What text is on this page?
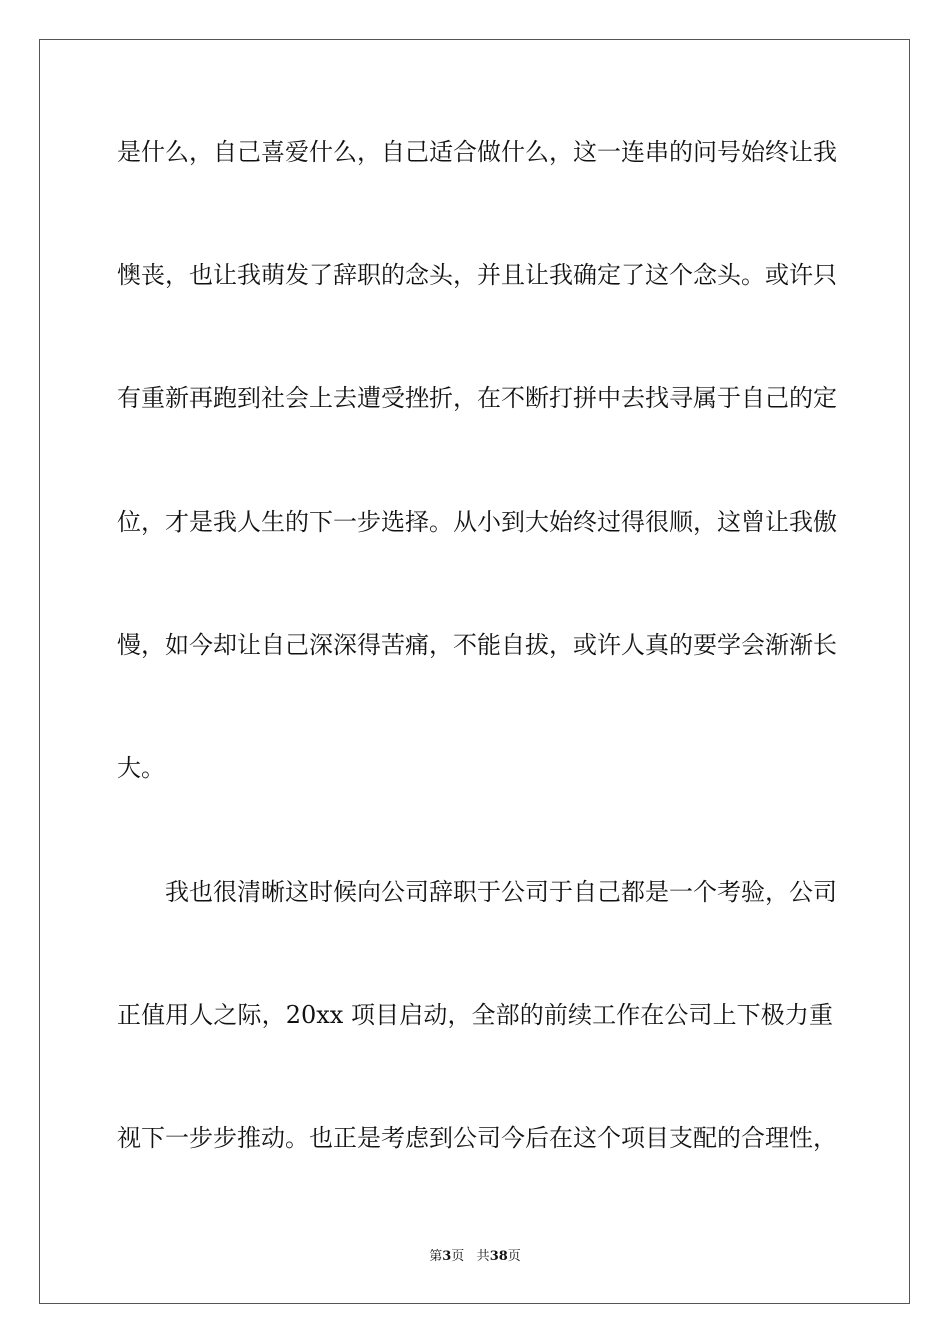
是什么，自己喜爱什么，自己适合做什么，这一连串的问号始终让我
懊丧，也让我萌发了辞职的念头，并且让我确定了这个念头。或许只
有重新再跑到社会上去遭受挫折，在不断打拼中去找寻属于自己的定
位，才是我人生的下一步选择。从小到大始终过得很顺，这曾让我傲
慢，如今却让自己深深得苦痛，不能自拔，或许人真的要学会渐渐长
大。
我也很清晰这时候向公司辞职于公司于自己都是一个考验，公司
正值用人之际，20xx 项目启动，全部的前续工作在公司上下极力重
视下一步步推动。也正是考虑到公司今后在这个项目支配的合理性，
第3页 共38页
